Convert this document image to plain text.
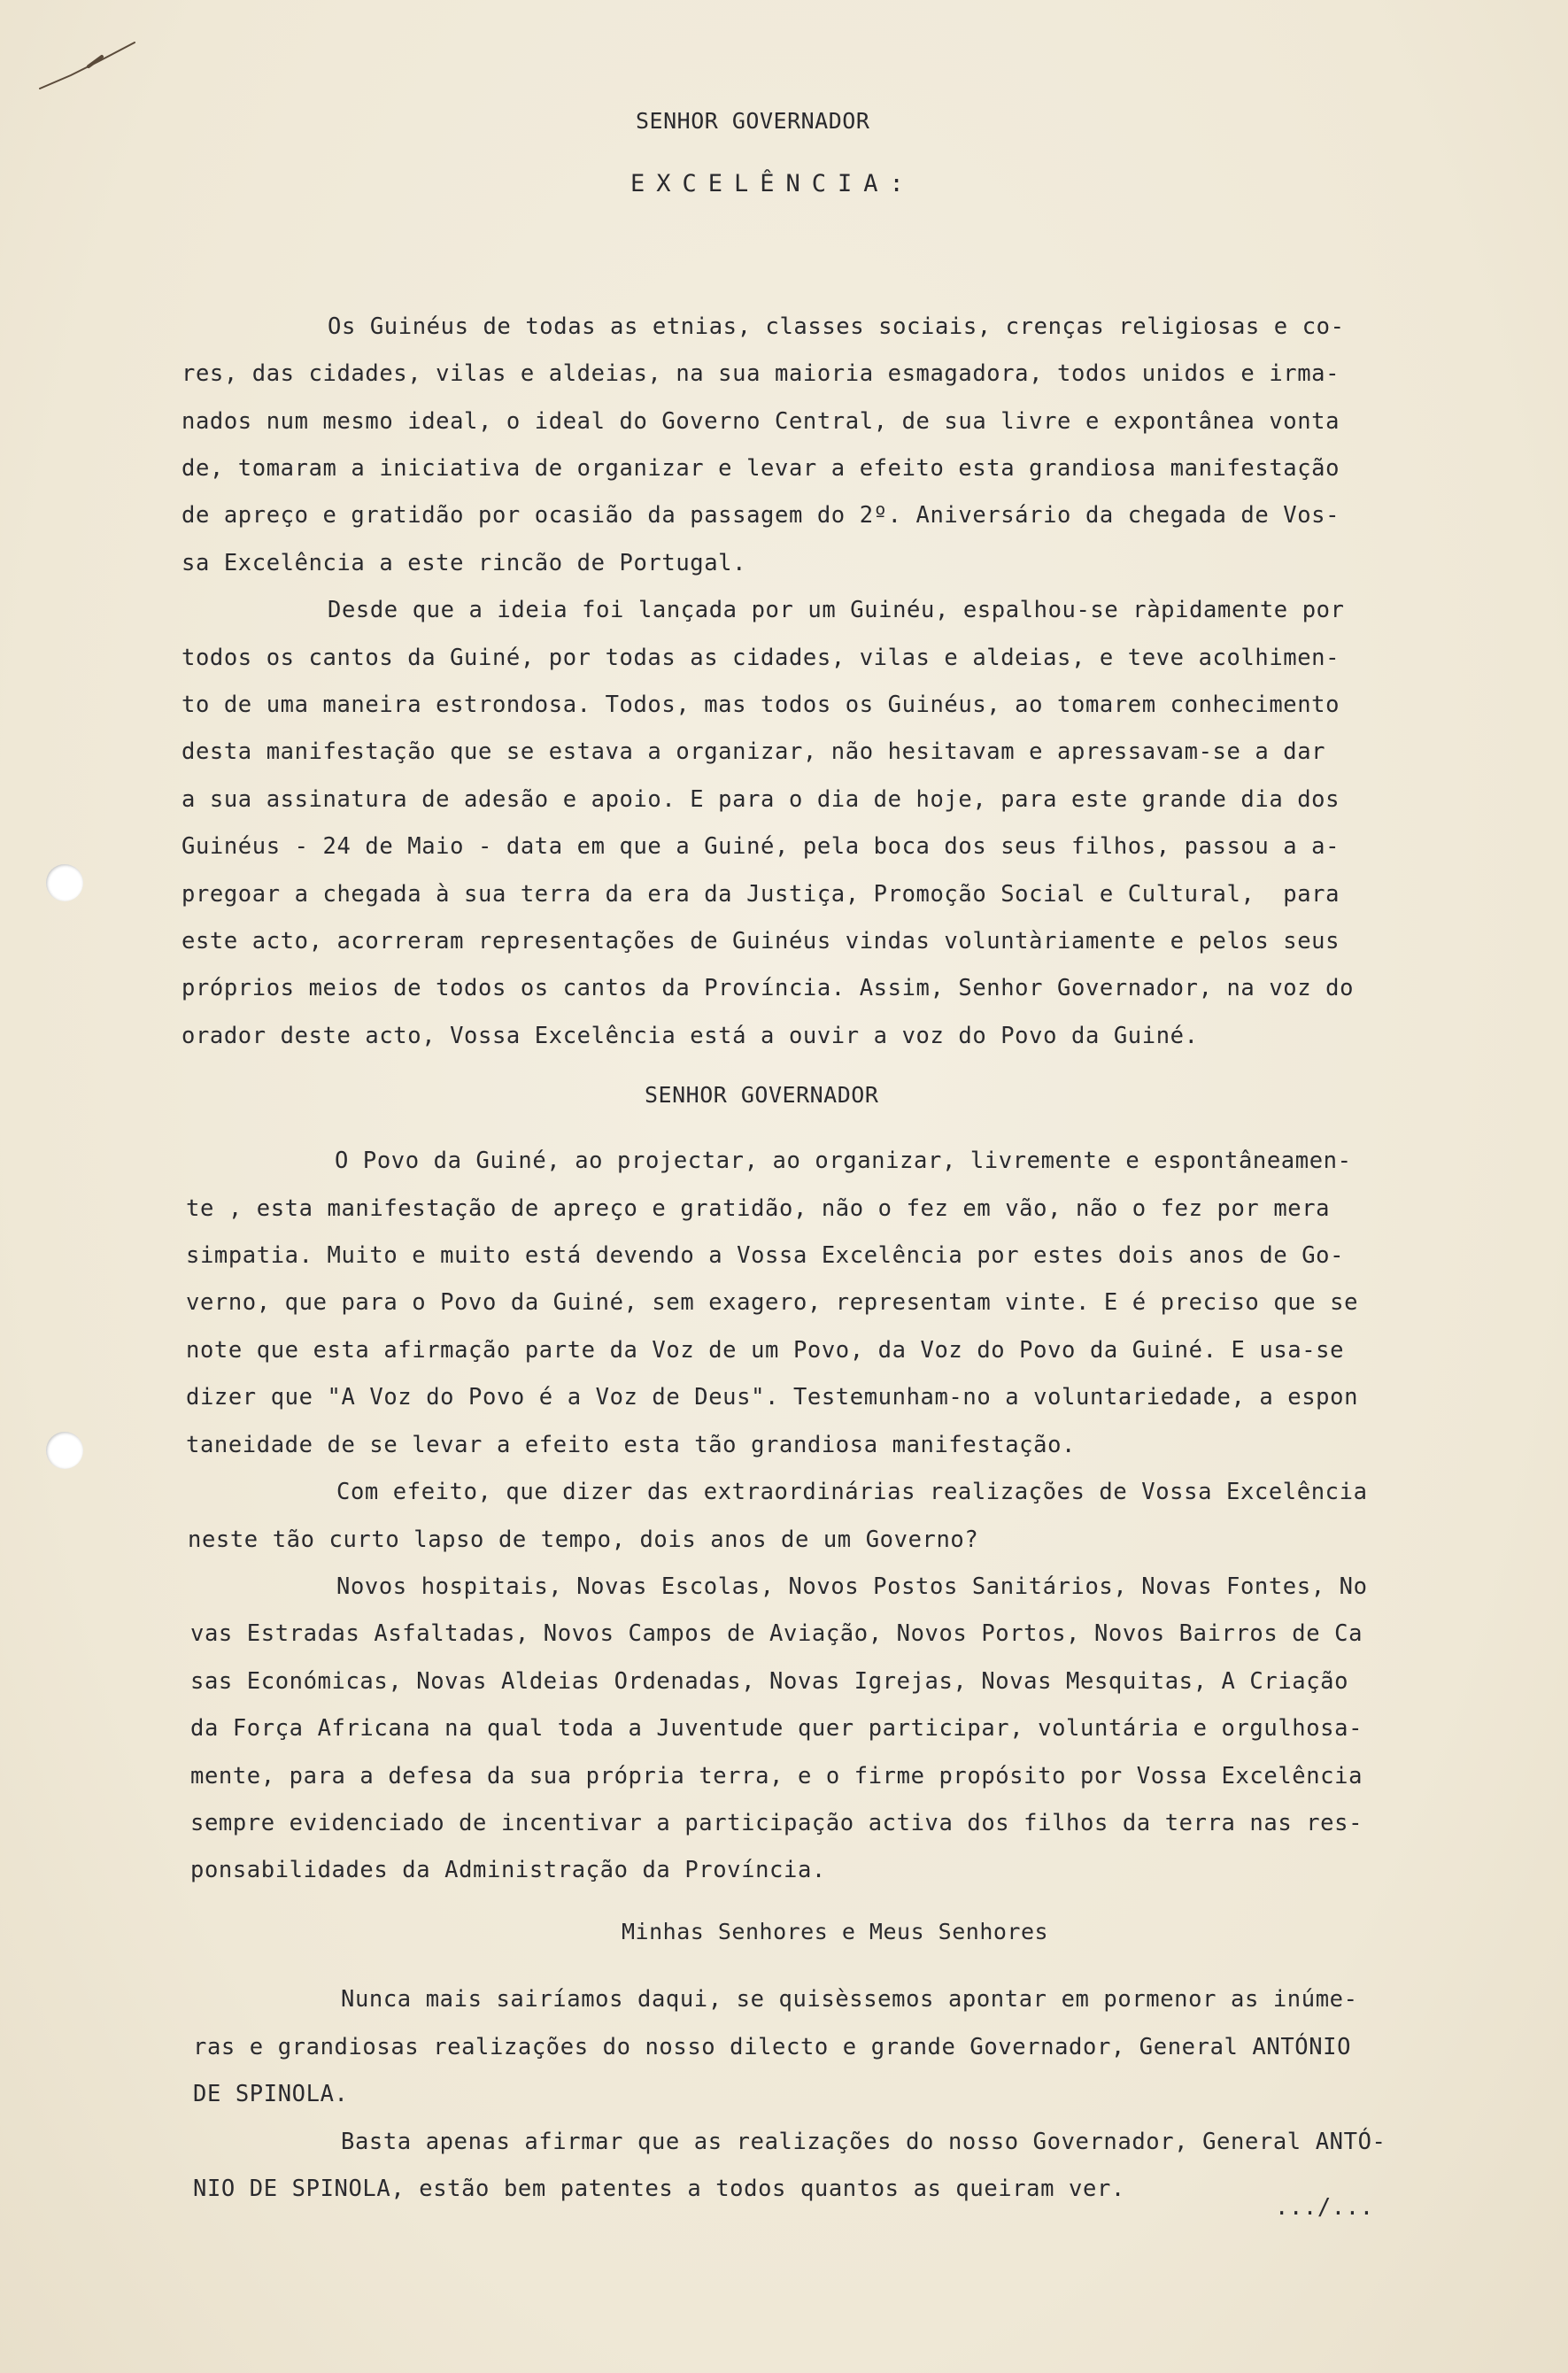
SENHOR GOVERNADOR
EXCELÊNCIA:
Os Guinéus de todas as etnias, classes sociais, crenças religiosas e co-
res, das cidades, vilas e aldeias, na sua maioria esmagadora, todos unidos e irma-
nados num mesmo ideal, o ideal do Governo Central, de sua livre e expontânea vonta
de, tomaram a iniciativa de organizar e levar a efeito esta grandiosa manifestação
de apreço e gratidão por ocasião da passagem do 2º. Aniversário da chegada de Vos-
sa Excelência a este rincão de Portugal.
Desde que a ideia foi lançada por um Guinéu, espalhou-se ràpidamente por
todos os cantos da Guiné, por todas as cidades, vilas e aldeias, e teve acolhimen-
to de uma maneira estrondosa. Todos, mas todos os Guinéus, ao tomarem conhecimento
desta manifestação que se estava a organizar, não hesitavam e apressavam-se a dar
a sua assinatura de adesão e apoio. E para o dia de hoje, para este grande dia dos
Guinéus - 24 de Maio - data em que a Guiné, pela boca dos seus filhos, passou a a-
pregoar a chegada à sua terra da era da Justiça, Promoção Social e Cultural,  para
este acto, acorreram representações de Guinéus vindas voluntàriamente e pelos seus
próprios meios de todos os cantos da Província. Assim, Senhor Governador, na voz do
orador deste acto, Vossa Excelência está a ouvir a voz do Povo da Guiné.
SENHOR GOVERNADOR
O Povo da Guiné, ao projectar, ao organizar, livremente e espontâneamen-
te , esta manifestação de apreço e gratidão, não o fez em vão, não o fez por mera
simpatia. Muito e muito está devendo a Vossa Excelência por estes dois anos de Go-
verno, que para o Povo da Guiné, sem exagero, representam vinte. E é preciso que se
note que esta afirmação parte da Voz de um Povo, da Voz do Povo da Guiné. E usa-se
dizer que "A Voz do Povo é a Voz de Deus". Testemunham-no a voluntariedade, a espon
taneidade de se levar a efeito esta tão grandiosa manifestação.
Com efeito, que dizer das extraordinárias realizações de Vossa Excelência
neste tão curto lapso de tempo, dois anos de um Governo?
Novos hospitais, Novas Escolas, Novos Postos Sanitários, Novas Fontes, No
vas Estradas Asfaltadas, Novos Campos de Aviação, Novos Portos, Novos Bairros de Ca
sas Económicas, Novas Aldeias Ordenadas, Novas Igrejas, Novas Mesquitas, A Criação
da Força Africana na qual toda a Juventude quer participar, voluntária e orgulhosa-
mente, para a defesa da sua própria terra, e o firme propósito por Vossa Excelência
sempre evidenciado de incentivar a participação activa dos filhos da terra nas res-
ponsabilidades da Administração da Província.
Minhas Senhores e Meus Senhores
Nunca mais sairíamos daqui, se quisèssemos apontar em pormenor as inúme-
ras e grandiosas realizações do nosso dilecto e grande Governador, General ANTÓNIO
DE SPINOLA.
Basta apenas afirmar que as realizações do nosso Governador, General ANTÓ-
NIO DE SPINOLA, estão bem patentes a todos quantos as queiram ver.
.../...
